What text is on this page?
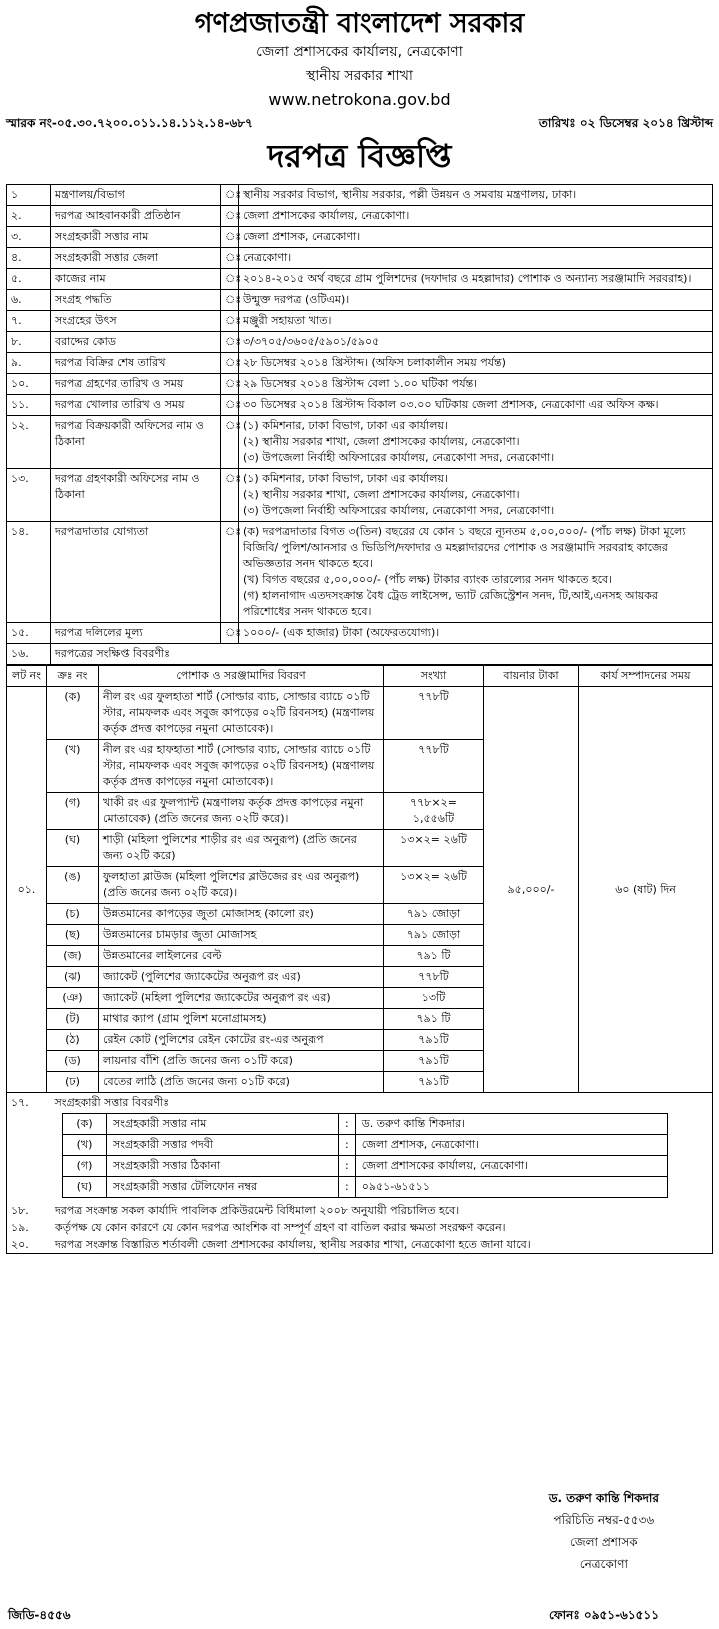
গণপ্রজাতন্ত্রী বাংলাদেশ সরকার
জেলা প্রশাসকের কার্যালয়, নেত্রকোণা
স্থানীয় সরকার শাখা
www.netrokona.gov.bd
স্মারক নং-০৫.৩০.৭২০০.০১১.১৪.১১২.১৪-৬৮৭	তারিখঃ ০২ ডিসেম্বর ২০১৪ খ্রিস্টাব্দ
দরপত্র বিজ্ঞপ্তি
১	মন্ত্রণালয়/বিভাগ	ঃ	স্থানীয় সরকার বিভাগ, স্থানীয় সরকার, পল্লী উন্নয়ন ও সমবায় মন্ত্রণালয়, ঢাকা।
২.	দরপত্র আহবানকারী প্রতিষ্ঠান	ঃ	জেলা প্রশাসকের কার্যালয়, নেত্রকোণা।
৩.	সংগ্রহকারী সত্তার নাম	ঃ	জেলা প্রশাসক, নেত্রকোণা।
৪.	সংগ্রহকারী সত্তার জেলা	ঃ	নেত্রকোণা।
৫.	কাজের নাম	ঃ	২০১৪-২০১৫ অর্থ বছরে গ্রাম পুলিশদের (দফাদার ও মহল্লাদার) পোশাক ও অন্যান্য সরঞ্জামাদি সরবরাহ)।
৬.	সংগ্রহ পদ্ধতি	ঃ	উন্মুক্ত দরপত্র (ওটিএম)।
৭.	সংগ্রহের উৎস	ঃ	মঞ্জুরী সহায়তা খাত।
৮.	বরাদ্দের কোড	ঃ	৩/৩৭০৫/৩৬০৫/৫৯০১/৫৯০৫
৯.	দরপত্র বিক্রির শেষ তারিখ	ঃ	২৮ ডিসেম্বর ২০১৪ খ্রিস্টাব্দ। (অফিস চলাকালীন সময় পর্যন্ত)
১০.	দরপত্র গ্রহণের তারিখ ও সময়	ঃ	২৯ ডিসেম্বর ২০১৪ খ্রিস্টাব্দ বেলা ১.০০ ঘটিকা পর্যন্ত।
১১.	দরপত্র খোলার তারিখ ও সময়	ঃ	৩০ ডিসেম্বর ২০১৪ খ্রিস্টাব্দ বিকাল ০৩.০০ ঘটিকায় জেলা প্রশাসক, নেত্রকোণা এর অফিস কক্ষ।
১২.	দরপত্র বিক্রয়কারী অফিসের নাম ও ঠিকানা	ঃ	(১) কমিশনার, ঢাকা বিভাগ, ঢাকা এর কার্যালয়।
(২) স্থানীয় সরকার শাখা, জেলা প্রশাসকের কার্যালয়, নেত্রকোণা।
(৩) উপজেলা নির্বাহী অফিসারের কার্যালয়, নেত্রকোণা সদর, নেত্রকোণা।

১৩.	দরপত্র গ্রহণকারী অফিসের নাম ও ঠিকানা	ঃ	(১) কমিশনার, ঢাকা বিভাগ, ঢাকা এর কার্যালয়।
(২) স্থানীয় সরকার শাখা, জেলা প্রশাসকের কার্যালয়, নেত্রকোণা।
(৩) উপজেলা নির্বাহী অফিসারের কার্যালয়, নেত্রকোণা সদর, নেত্রকোণা।

১৪.	দরপত্রদাতার যোগ্যতা	ঃ	(ক) দরপত্রদাতার বিগত ৩(তিন) বছরের যে কোন ১ বছরে ন্যূনতম ৫,০০,০০০/- (পাঁচ লক্ষ) টাকা মূল্যে বিজিবি/ পুলিশ/আনসার ও ভিডিপি/দফাদার ও মহল্লাদারদের পোশাক ও সরঞ্জামাদি সরবরাহ কাজের অভিজ্ঞতার সনদ থাকতে হবে।
(খ) বিগত বছরের ৫,০০,০০০/- (পাঁচ লক্ষ) টাকার ব্যাংক তারল্যের সনদ থাকতে হবে।
(গ) হালনাগাদ এতদসংক্রান্ত বৈধ ট্রেড লাইসেন্স, ভ্যাট রেজিস্ট্রেশন সনদ, টি,আই,এনসহ আয়কর পরিশোধের সনদ থাকতে হবে।

১৫.	দরপত্র দলিলের মূল্য	ঃ	১০০০/- (এক হাজার) টাকা (অফেরতযোগ্য)।
১৬.	দরপত্রের সংক্ষিপ্ত বিবরণীঃ		
লট নং	ক্রঃ নং	পোশাক ও সরঞ্জামাদির বিবরণ	সংখ্যা	বায়নার টাকা	কার্য সম্পাদনের সময়
০১.	(ক)	নীল রং এর ফুলহাতা শার্ট (সোল্ডার ব্যাচ, সোল্ডার ব্যাচে ০১টি স্টার, নামফলক এবং সবুজ কাপড়ের ০২টি রিবনসহ) (মন্ত্রণালয় কর্তৃক প্রদত্ত কাপড়ের নমুনা মোতাবেক)।	৭৭৮টি	৯৫,০০০/-	৬০ (ষাট) দিন
	(খ)	নীল রং এর হাফহাতা শার্ট (সোল্ডার ব্যাচ, সোল্ডার ব্যাচে ০১টি স্টার, নামফলক এবং সবুজ কাপড়ের ০২টি রিবনসহ) (মন্ত্রণালয় কর্তৃক প্রদত্ত কাপড়ের নমুনা মোতাবেক)।	৭৭৮টি		
	(গ)	খাকী রং এর ফুলপ্যান্ট (মন্ত্রণালয় কর্তৃক প্রদত্ত কাপড়ের নমুনা মোতাবেক) (প্রতি জনের জন্য ০২টি করে)।	৭৭৮×২= ১,৫৫৬টি		
	(ঘ)	শাড়ী (মহিলা পুলিশের শাড়ীর রং এর অনুরূপ) (প্রতি জনের জন্য ০২টি করে)	১৩×২= ২৬টি		
	(ঙ)	ফুলহাতা ব্লাউজ (মহিলা পুলিশের ব্লাউজের রং এর অনুরূপ) (প্রতি জনের জন্য ০২টি করে)।	১৩×২= ২৬টি		
	(চ)	উন্নতমানের কাপড়ের জুতা মোজাসহ (কালো রং)	৭৯১ জোড়া		
	(ছ)	উন্নতমানের চামড়ার জুতা মোজাসহ	৭৯১ জোড়া		
	(জ)	উন্নতমানের লাইলনের বেল্ট	৭৯১ টি		
	(ঝ)	জ্যাকেট (পুলিশের জ্যাকেটের অনুরূপ রং এর)	৭৭৮টি		
	(ঞ)	জ্যাকেট (মহিলা পুলিশের জ্যাকেটের অনুরূপ রং এর)	১৩টি		
	(ট)	মাথার ক্যাপ (গ্রাম পুলিশ মনোগ্রামসহ)	৭৯১ টি		
	(ঠ)	রেইন কোট (পুলিশের রেইন কোটের রং-এর অনুরূপ	৭৯১টি		
	(ড)	লায়নার বাঁশি (প্রতি জনের জন্য ০১টি করে)	৭৯১টি		
	(ঢ)	বেতের লাঠি (প্রতি জনের জন্য ০১টি করে)	৭৯১টি		
১৭.	সংগ্রহকারী সত্তার বিবরণীঃ
(ক)	সংগ্রহকারী সত্তার নাম	:	ড. তরুণ কান্তি শিকদার।
(খ)	সংগ্রহকারী সত্তার পদবী	:	জেলা প্রশাসক, নেত্রকোণা।
(গ)	সংগ্রহকারী সত্তার ঠিকানা	:	জেলা প্রশাসকের কার্যালয়, নেত্রকোণা।
(ঘ)	সংগ্রহকারী সত্তার টেলিফোন নম্বর	:	০৯৫১-৬১৫১১
১৮.	দরপত্র সংক্রান্ত সকল কার্যাদি পাবলিক প্রকিউরমেন্ট বিধিমালা ২০০৮ অনুযায়ী পরিচালিত হবে।
১৯.	কর্তৃপক্ষ যে কোন কারণে যে কোন দরপত্র আংশিক বা সম্পূর্ণ গ্রহণ বা বাতিল করার ক্ষমতা সংরক্ষণ করেন।
২০.	দরপত্র সংক্রান্ত বিস্তারিত শর্তাবলী জেলা প্রশাসকের কার্যালয়, স্থানীয় সরকার শাখা, নেত্রকোণা হতে জানা যাবে।
ড. তরুণ কান্তি শিকদার
পরিচিতি নম্বর-৫৫৩৬
জেলা প্রশাসক
নেত্রকোণা
জিডি-৪৫৫৬	ফোনঃ ০৯৫১-৬১৫১১
